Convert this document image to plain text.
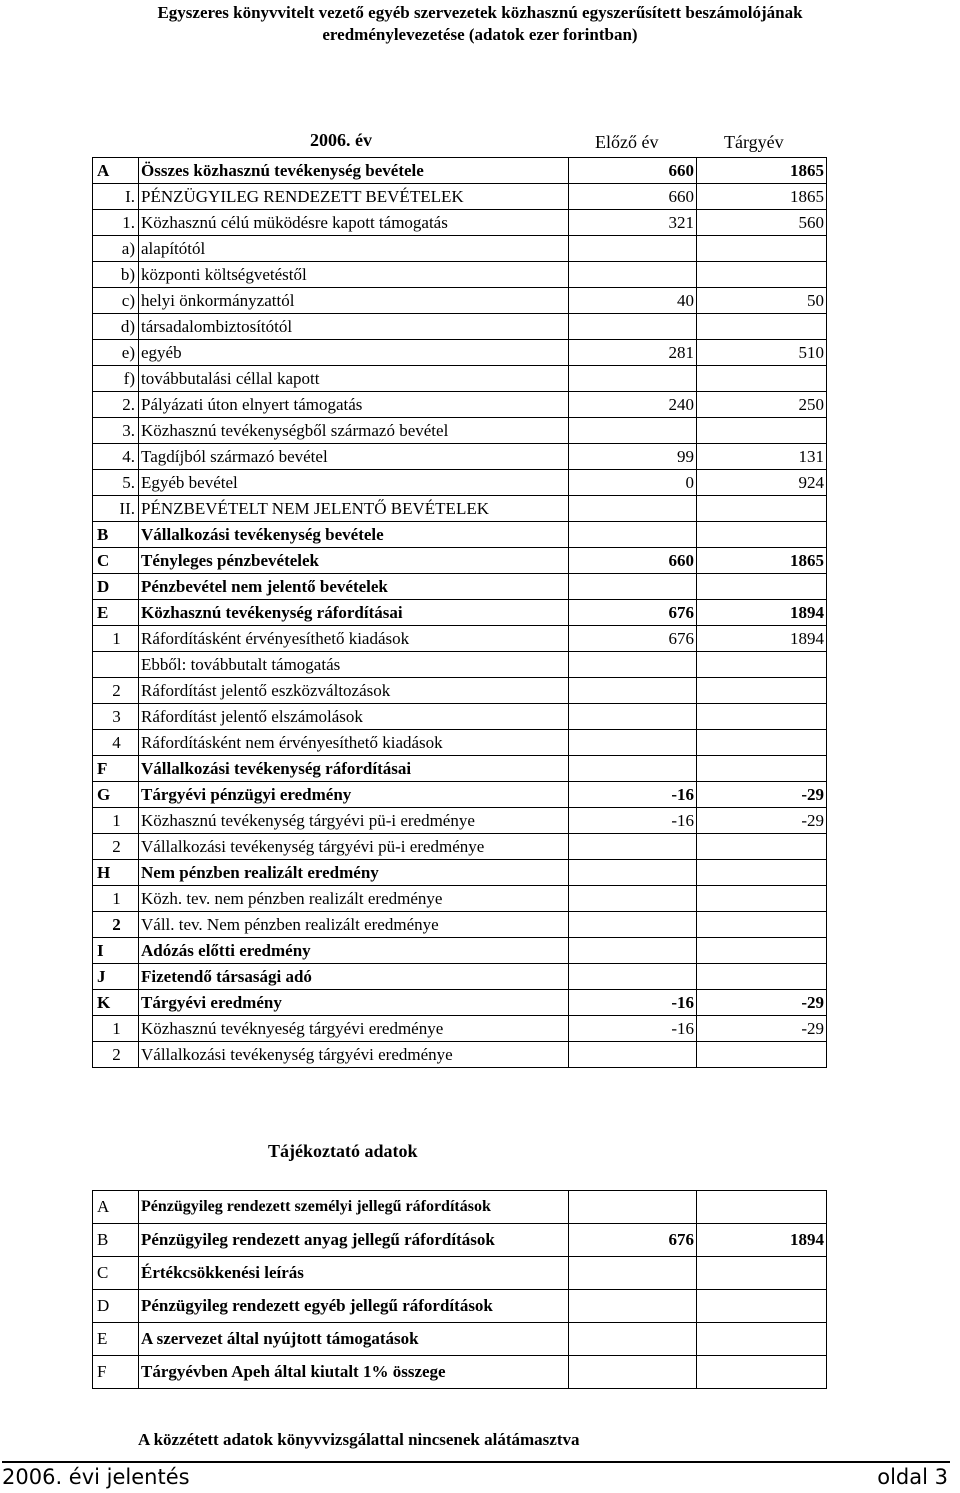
Egyszeres könyvvitelt vezető egyéb szervezetek közhasznú egyszerűsített beszámolójának
eredménylevezetése (adatok ezer forintban)
2006. év	Előző év	Tárgyév
A	Összes közhasznú tevékenység bevétele	660	1865
I.	PÉNZÜGYILEG RENDEZETT BEVÉTELEK	660	1865
1.	Közhasznú célú müködésre kapott támogatás	321	560
a)	alapítótól		
b)	központi költségvetéstől		
c)	helyi önkormányzattól	40	50
d)	társadalombiztosítótól		
e)	egyéb	281	510
f)	továbbutalási céllal kapott		
2.	Pályázati úton elnyert támogatás	240	250
3.	Közhasznú tevékenységből származó bevétel		
4.	Tagdíjból származó bevétel	99	131
5.	Egyéb bevétel	0	924
II.	PÉNZBEVÉTELT NEM JELENTŐ BEVÉTELEK		
B	Vállalkozási tevékenység bevétele		
C	Tényleges pénzbevételek	660	1865
D	Pénzbevétel nem jelentő bevételek		
E	Közhasznú tevékenység ráfordításai	676	1894
1	Ráfordításként érvényesíthető kiadások	676	1894
	Ebből: továbbutalt támogatás		
2	Ráfordítást jelentő eszközváltozások		
3	Ráfordítást jelentő elszámolások		
4	Ráfordításként nem érvényesíthető kiadások		
F	Vállalkozási tevékenység ráfordításai		
G	Tárgyévi pénzügyi eredmény	-16	-29
1	Közhasznú tevékenység tárgyévi pü-i eredménye	-16	-29
2	Vállalkozási tevékenység tárgyévi pü-i eredménye		
H	Nem pénzben realizált eredmény		
1	Közh. tev. nem pénzben realizált eredménye		
2	Váll. tev. Nem pénzben realizált eredménye		
I	Adózás előtti eredmény		
J	Fizetendő társasági adó		
K	Tárgyévi eredmény	-16	-29
1	Közhasznú tevéknyeség tárgyévi eredménye	-16	-29
2	Vállalkozási tevékenység tárgyévi eredménye		
Tájékoztató adatok
A	Pénzügyileg rendezett személyi jellegű ráfordítások		
B	Pénzügyileg rendezett anyag jellegű ráfordítások	676	1894
C	Értékcsökkenési leírás		
D	Pénzügyileg rendezett egyéb jellegű ráfordítások		
E	A szervezet által nyújtott támogatások		
F	Tárgyévben Apeh által kiutalt 1% összege		
A közzétett adatok könyvvizsgálattal nincsenek alátámasztva
2006. évi jelentés	oldal 3
